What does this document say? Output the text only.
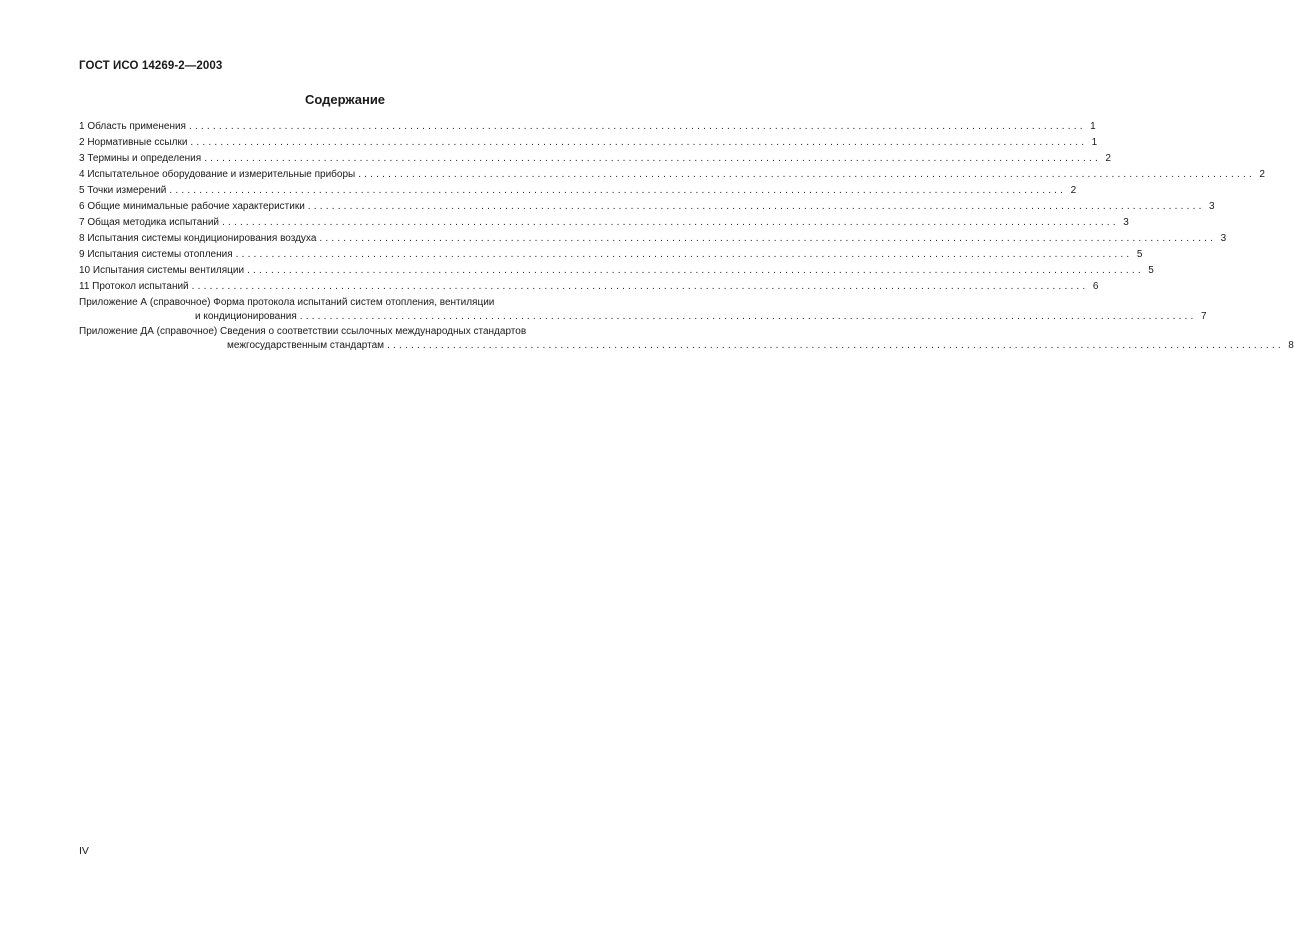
ГОСТ ИСО 14269-2—2003
Содержание
1 Область применения ...................................................................................................................................................... 1
2 Нормативные ссылки ...................................................................................................................................................... 1
3 Термины и определения ...................................................................................................................................................... 2
4 Испытательное оборудование и измерительные приборы ...................................................................................................................................................... 2
5 Точки измерений ...................................................................................................................................................... 2
6 Общие минимальные рабочие характеристики ...................................................................................................................................................... 3
7 Общая методика испытаний ...................................................................................................................................................... 3
8 Испытания системы кондиционирования воздуха ...................................................................................................................................................... 3
9 Испытания системы отопления ...................................................................................................................................................... 5
10 Испытания системы вентиляции ...................................................................................................................................................... 5
11 Протокол испытаний ...................................................................................................................................................... 6
Приложение А (справочное) Форма протокола испытаний систем отопления, вентиляции
и кондиционирования ...................................................................................................................................................... 7
Приложение ДА (справочное) Сведения о соответствии ссылочных международных стандартов
межгосударственным стандартам ...................................................................................................................................................... 8
IV
